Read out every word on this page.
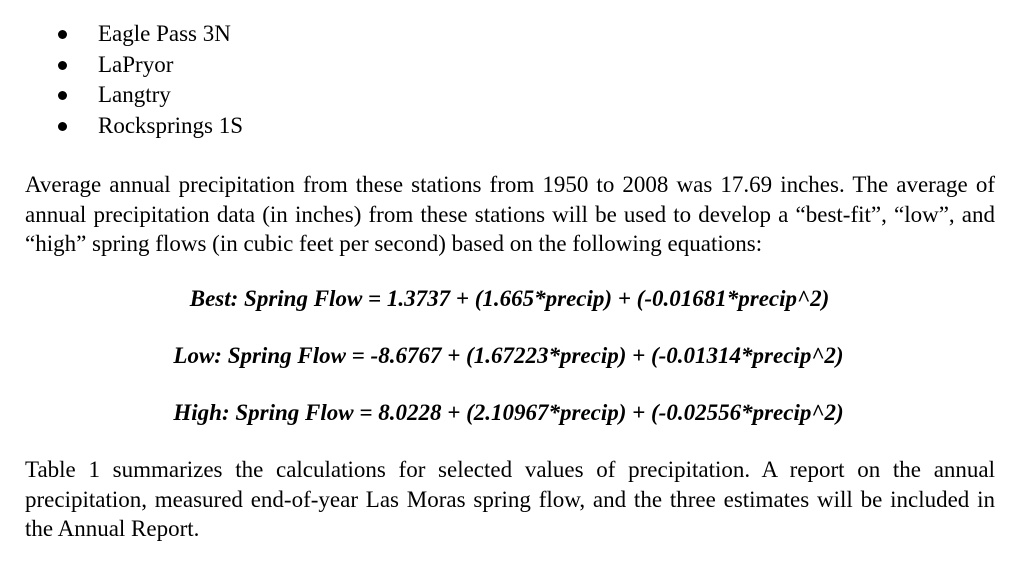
Eagle Pass 3N
LaPryor
Langtry
Rocksprings 1S

Average annual precipitation from these stations from 1950 to 2008 was 17.69 inches. The average of annual precipitation data (in inches) from these stations will be used to develop a “best-fit”, “low”, and “high” spring flows (in cubic feet per second) based on the following equations:

Best: Spring Flow = 1.3737 + (1.665*precip) + (-0.01681*precip^2)

Low: Spring Flow = -8.6767 + (1.67223*precip) + (-0.01314*precip^2)

High: Spring Flow = 8.0228 + (2.10967*precip) + (-0.02556*precip^2)

Table 1 summarizes the calculations for selected values of precipitation. A report on the annual precipitation, measured end-of-year Las Moras spring flow, and the three estimates will be included in the Annual Report.
